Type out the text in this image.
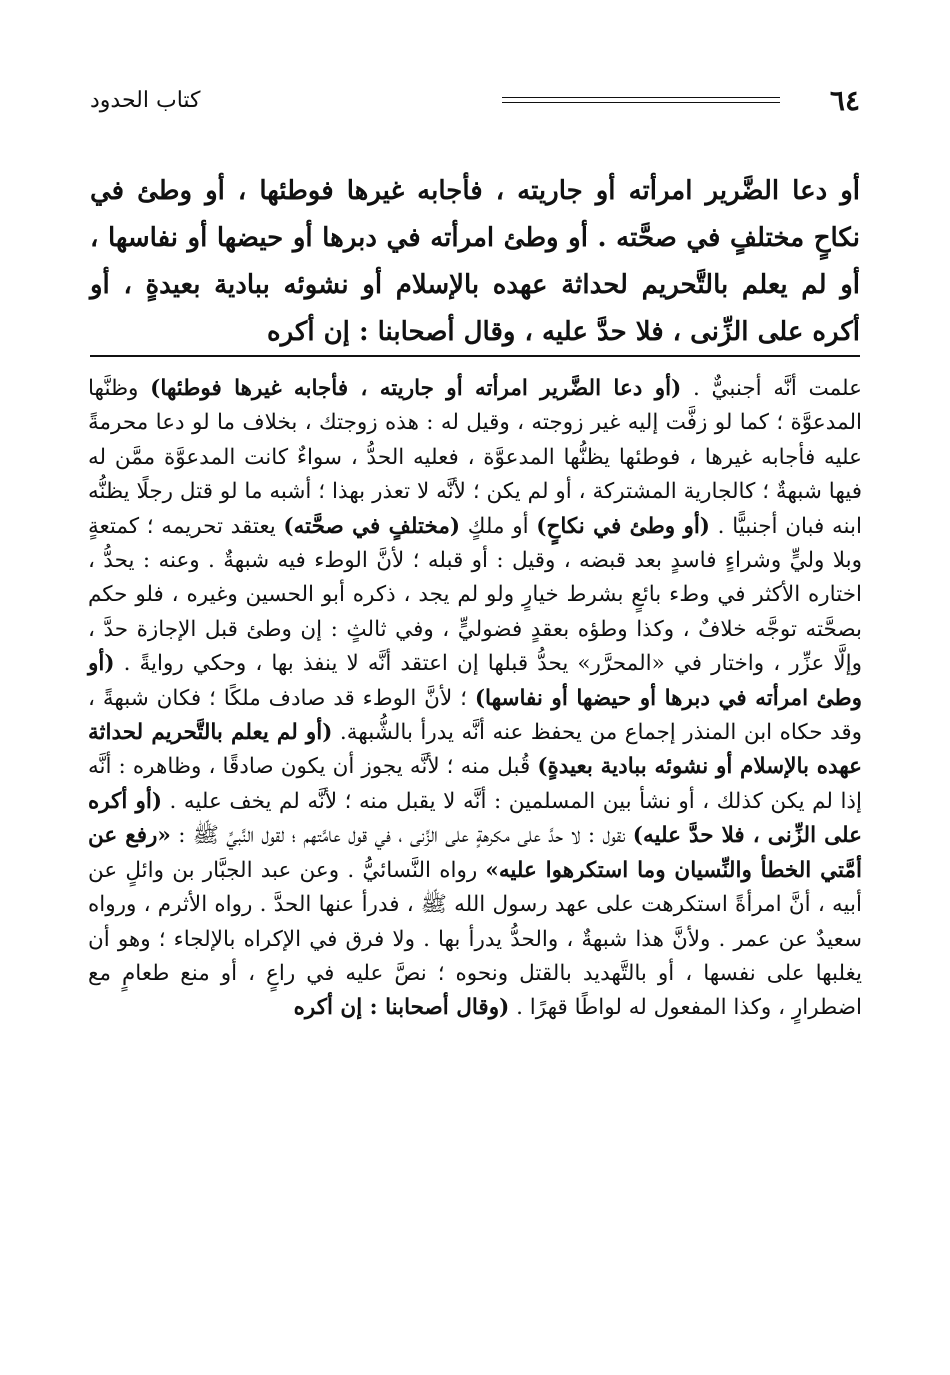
٦٤
كتاب الحدود

أو دعا الضَّرير امرأته أو جاريته ، فأجابه غيرها فوطئها ، أو وطئ في نكاحٍ مختلفٍ في صحَّته . أو وطئ امرأته في دبرها أو حيضها أو نفاسها ، أو لم يعلم بالتَّحريم لحداثة عهده بالإسلام أو نشوئه ببادية بعيدةٍ ، أو أكره على الزِّنى ، فلا حدَّ عليه ، وقال أصحابنا : إن أكره

علمت أنَّه أجنبيٌّ . (أو دعا الضَّرير امرأته أو جاريته ، فأجابه غيرها فوطئها) وظنَّها المدعوَّة ؛ كما لو زفَّت إليه غير زوجته ، وقيل له : هذه زوجتك ، بخلاف ما لو دعا محرمةً عليه فأجابه غيرها ، فوطئها يظنُّها المدعوَّة ، فعليه الحدُّ ، سواءٌ كانت المدعوَّة ممَّن له فيها شبهةٌ ؛ كالجارية المشتركة ، أو لم يكن ؛ لأنَّه لا تعذر بهذا ؛ أشبه ما لو قتل رجلًا يظنُّه ابنه فبان أجنبيًّا . (أو وطئ في نكاحٍ) أو ملكٍ (مختلفٍ في صحَّته) يعتقد تحريمه ؛ كمتعةٍ وبلا وليٍّ وشراءٍ فاسدٍ بعد قبضه ، وقيل : أو قبله ؛ لأنَّ الوطء فيه شبهةٌ . وعنه : يحدُّ ، اختاره الأكثر في وطء بائعٍ بشرط خيارٍ ولو لم يجد ، ذكره أبو الحسين وغيره ، فلو حكم بصحَّته توجَّه خلافٌ ، وكذا وطؤه بعقدٍ فضوليٍّ ، وفي ثالثٍ : إن وطئ قبل الإجازة حدَّ ، وإلَّا عزِّر ، واختار في «المحرَّر» يحدُّ قبلها إن اعتقد أنَّه لا ينفذ بها ، وحكي روايةً . (أو وطئ امرأته في دبرها أو حيضها أو نفاسها) ؛ لأنَّ الوطء قد صادف ملكًا ؛ فكان شبهةً ، وقد حكاه ابن المنذر إجماع من يحفظ عنه أنَّه يدرأ بالشُّبهة. (أو لم يعلم بالتَّحريم لحداثة عهده بالإسلام أو نشوئه ببادية بعيدةٍ) قُبل منه ؛ لأنَّه يجوز أن يكون صادقًا ، وظاهره : أنَّه إذا لم يكن كذلك ، أو نشأ بين المسلمين : أنَّه لا يقبل منه ؛ لأنَّه لم يخف عليه . (أو أكره على الزِّنى ، فلا حدَّ عليه) نقول : لا حدَّ على مكرهةٍ على الزِّنى ، في قول عامَّتهم ؛ لقول النَّبيِّ ﷺ : «رفع عن أمَّتي الخطأ والنِّسيان وما استكرهوا عليه» رواه النَّسائيُّ . وعن عبد الجبَّار بن وائلٍ عن أبيه ، أنَّ امرأةً استكرهت على عهد رسول الله ﷺ ، فدرأ عنها الحدَّ . رواه الأثرم ، ورواه سعيدٌ عن عمر . ولأنَّ هذا شبهةٌ ، والحدُّ يدرأ بها . ولا فرق في الإكراه بالإلجاء ؛ وهو أن يغلبها على نفسها ، أو بالتَّهديد بالقتل ونحوه ؛ نصَّ عليه في راعٍ ، أو منع طعامٍ مع اضطرارٍ ، وكذا المفعول له لواطًا قهرًا . (وقال أصحابنا : إن أكره
